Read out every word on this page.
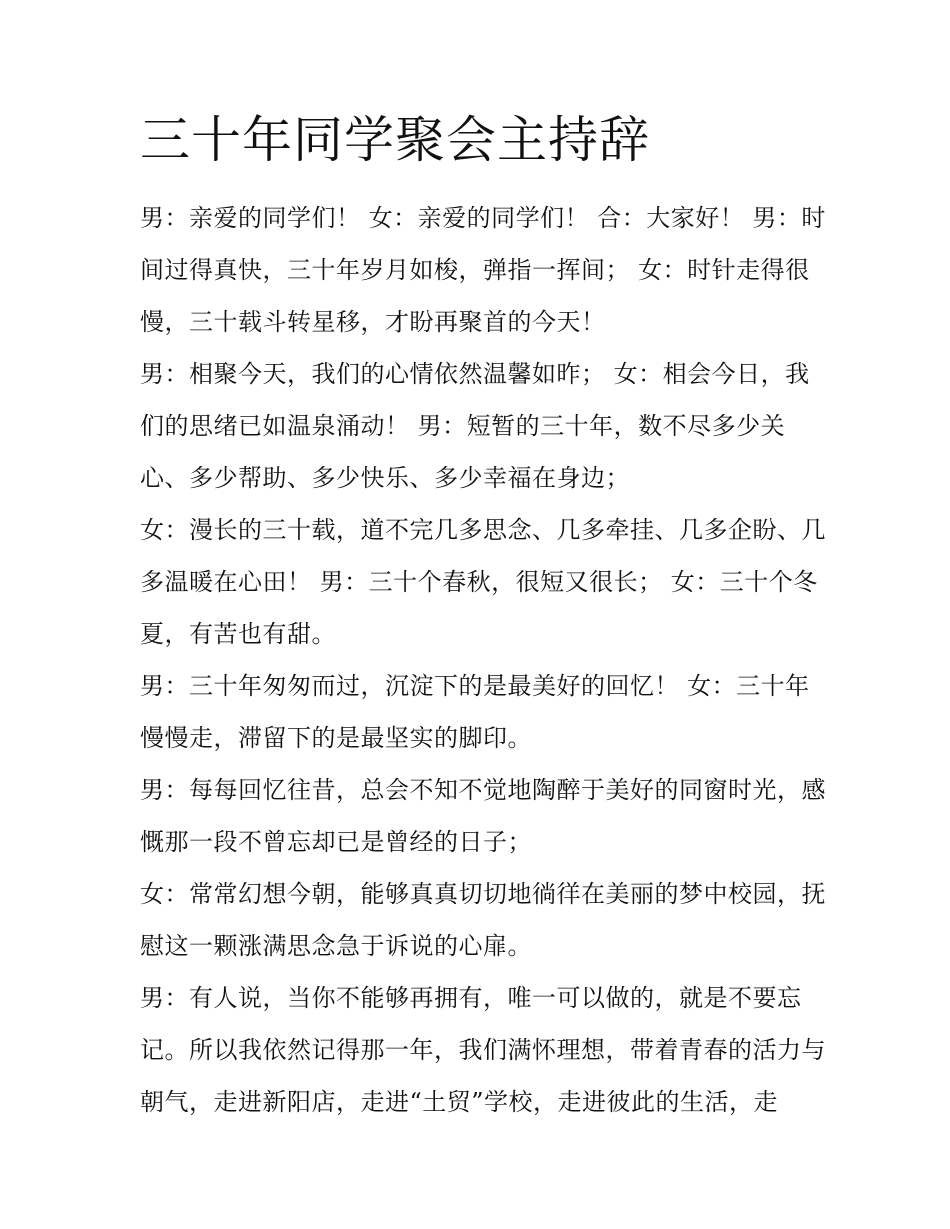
三十年同学聚会主持辞

男：亲爱的同学们！ 女：亲爱的同学们！ 合：大家好！ 男：时间过得真快，三十年岁月如梭，弹指一挥间； 女：时针走得很慢，三十载斗转星移，才盼再聚首的今天！

男：相聚今天，我们的心情依然温馨如昨； 女：相会今日，我们的思绪已如温泉涌动！ 男：短暂的三十年，数不尽多少关心、多少帮助、多少快乐、多少幸福在身边；

女：漫长的三十载，道不完几多思念、几多牵挂、几多企盼、几多温暖在心田！ 男：三十个春秋，很短又很长； 女：三十个冬夏，有苦也有甜。

男：三十年匆匆而过，沉淀下的是最美好的回忆！ 女：三十年慢慢走，滞留下的是最坚实的脚印。

男：每每回忆往昔，总会不知不觉地陶醉于美好的同窗时光，感慨那一段不曾忘却已是曾经的日子；

女：常常幻想今朝，能够真真切切地徜徉在美丽的梦中校园，抚慰这一颗涨满思念急于诉说的心扉。

男：有人说，当你不能够再拥有，唯一可以做的，就是不要忘记。所以我依然记得那一年，我们满怀理想，带着青春的活力与朝气，走进新阳店，走进“土贸”学校，走进彼此的生活，走
